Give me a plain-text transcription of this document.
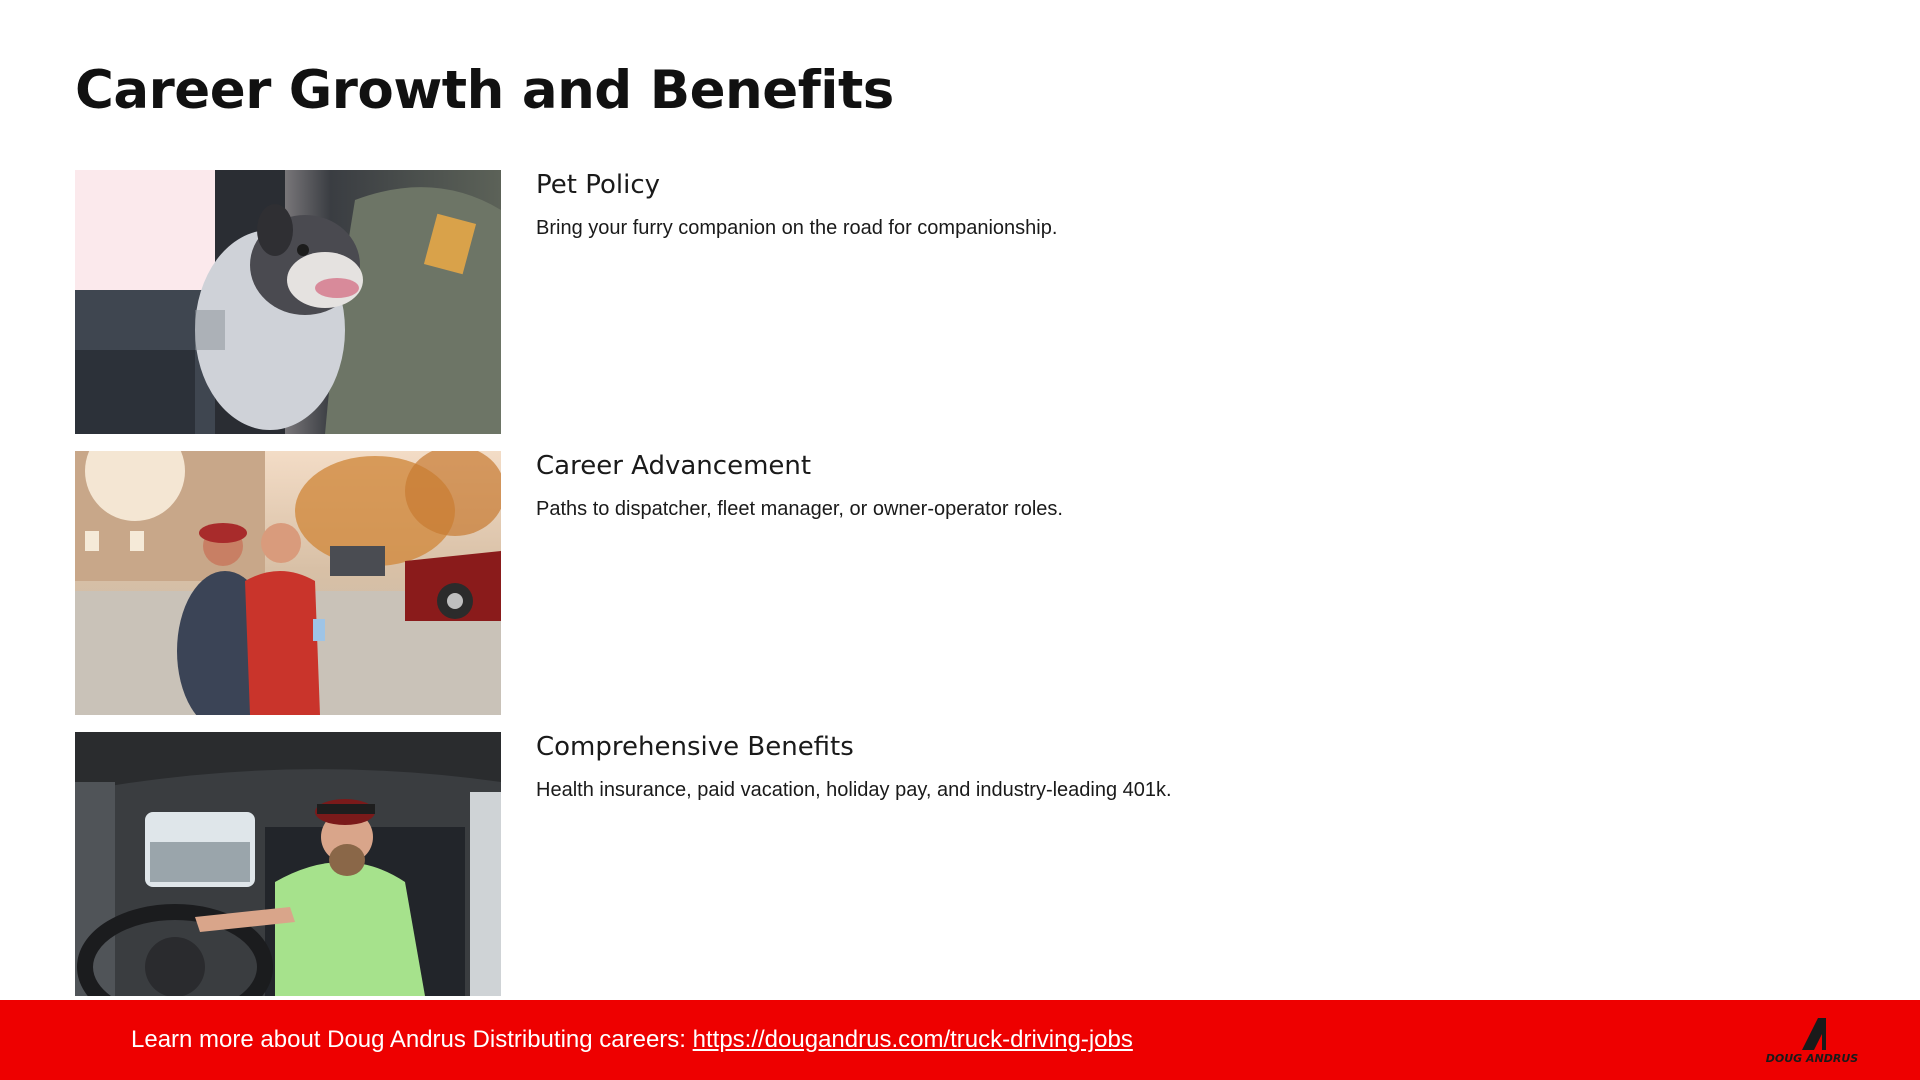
Career Growth and Benefits
Pet Policy
Bring your furry companion on the road for companionship.
Career Advancement
Paths to dispatcher, fleet manager, or owner-operator roles.
Comprehensive Benefits
Health insurance, paid vacation, holiday pay, and industry-leading 401k.
Learn more about Doug Andrus Distributing careers: https://dougandrus.com/truck-driving-jobs
DOUG ANDRUS
